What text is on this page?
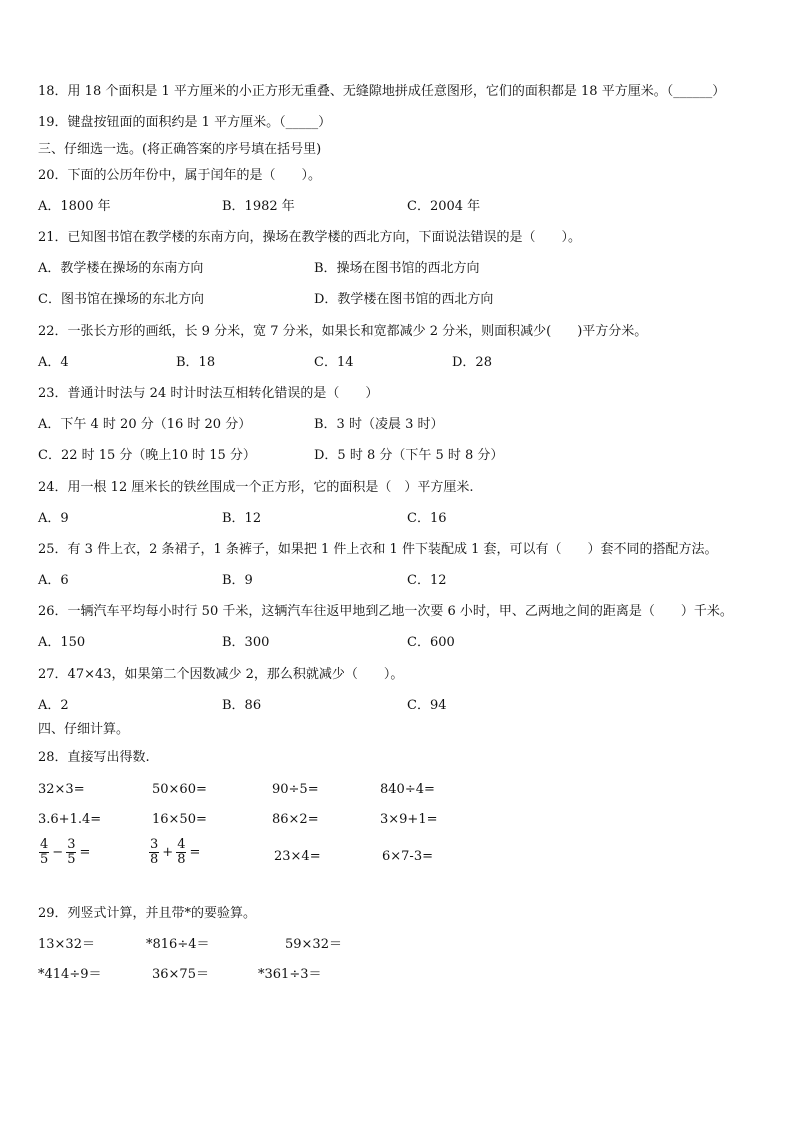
18．用 18 个面积是 1 平方厘米的小正方形无重叠、无缝隙地拼成任意图形，它们的面积都是 18 平方厘米。（______）
19．键盘按钮面的面积约是 1 平方厘米。（_____）
三、仔细选一选。(将正确答案的序号填在括号里)
20．下面的公历年份中，属于闰年的是（　　）。
A．1800 年	B．1982 年	C．2004 年
21．已知图书馆在教学楼的东南方向，操场在教学楼的西北方向，下面说法错误的是（　　）。
A．教学楼在操场的东南方向	B．操场在图书馆的西北方向
C．图书馆在操场的东北方向	D．教学楼在图书馆的西北方向
22．一张长方形的画纸，长 9 分米，宽 7 分米，如果长和宽都减少 2 分米，则面积减少(　　)平方分米。
A．4	B．18	C．14	D．28
23．普通计时法与 24 时计时法互相转化错误的是（　　）
A．下午 4 时 20 分（16 时 20 分）	B．3 时（凌晨 3 时）
C．22 时 15 分（晚上10 时 15 分）	D．5 时 8 分（下午 5 时 8 分）
24．用一根 12 厘米长的铁丝围成一个正方形，它的面积是（　）平方厘米.
A．9	B．12	C．16
25．有 3 件上衣，2 条裙子，1 条裤子，如果把 1 件上衣和 1 件下装配成 1 套，可以有（　　）套不同的搭配方法。
A．6	B．9	C．12
26．一辆汽车平均每小时行 50 千米，这辆汽车往返甲地到乙地一次要 6 小时，甲、乙两地之间的距离是（　　）千米。
A．150	B．300	C．600
27．47×43，如果第二个因数减少 2，那么积就减少（　　）。
A．2	B．86	C．94
四、仔细计算。
28．直接写出得数.
32×3=	50×60=	90÷5=	840÷4=
3.6+1.4=	16×50=	86×2=	3×9+1=
$\frac{4}{5} - \frac{3}{5}$ =	$\frac{3}{8} + \frac{4}{8}$ =	23×4=	6×7-3=
29．列竖式计算，并且带*的要验算。
13×32＝	*816÷4＝	59×32＝
*414÷9＝	36×75＝	*361÷3＝
